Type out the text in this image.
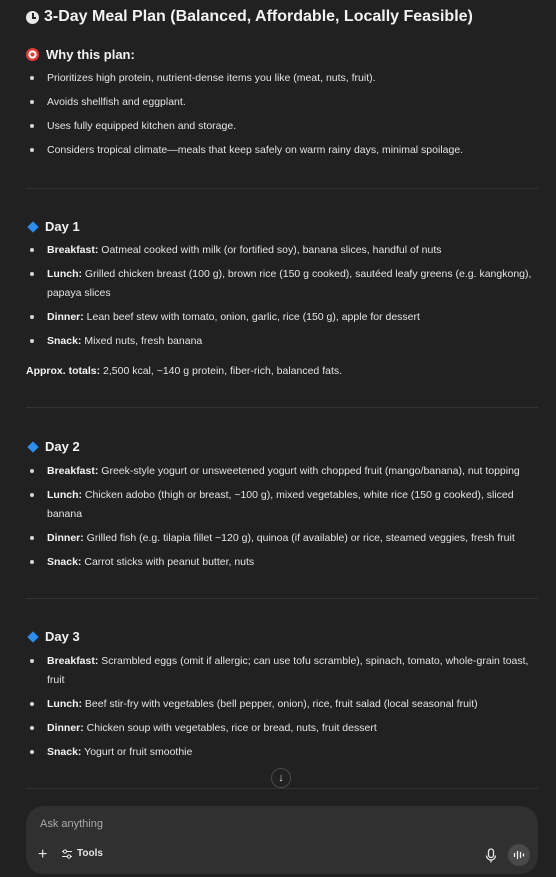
3-Day Meal Plan (Balanced, Affordable, Locally Feasible)
Why this plan:
Prioritizes high protein, nutrient-dense items you like (meat, nuts, fruit).
Avoids shellfish and eggplant.
Uses fully equipped kitchen and storage.
Considers tropical climate—meals that keep safely on warm rainy days, minimal spoilage.
Day 1
Breakfast: Oatmeal cooked with milk (or fortified soy), banana slices, handful of nuts
Lunch: Grilled chicken breast (100 g), brown rice (150 g cooked), sautéed leafy greens (e.g. kangkong), papaya slices
Dinner: Lean beef stew with tomato, onion, garlic, rice (150 g), apple for dessert
Snack: Mixed nuts, fresh banana
Approx. totals: 2,500 kcal, ~140 g protein, fiber-rich, balanced fats.
Day 2
Breakfast: Greek-style yogurt or unsweetened yogurt with chopped fruit (mango/banana), nut topping
Lunch: Chicken adobo (thigh or breast, ~100 g), mixed vegetables, white rice (150 g cooked), sliced banana
Dinner: Grilled fish (e.g. tilapia fillet ~120 g), quinoa (if available) or rice, steamed veggies, fresh fruit
Snack: Carrot sticks with peanut butter, nuts
Day 3
Breakfast: Scrambled eggs (omit if allergic; can use tofu scramble), spinach, tomato, whole-grain toast, fruit
Lunch: Beef stir-fry with vegetables (bell pepper, onion), rice, fruit salad (local seasonal fruit)
Dinner: Chicken soup with vegetables, rice or bread, nuts, fruit dessert
Snack: Yogurt or fruit smoothie
↓
Ask anything
+	Tools
